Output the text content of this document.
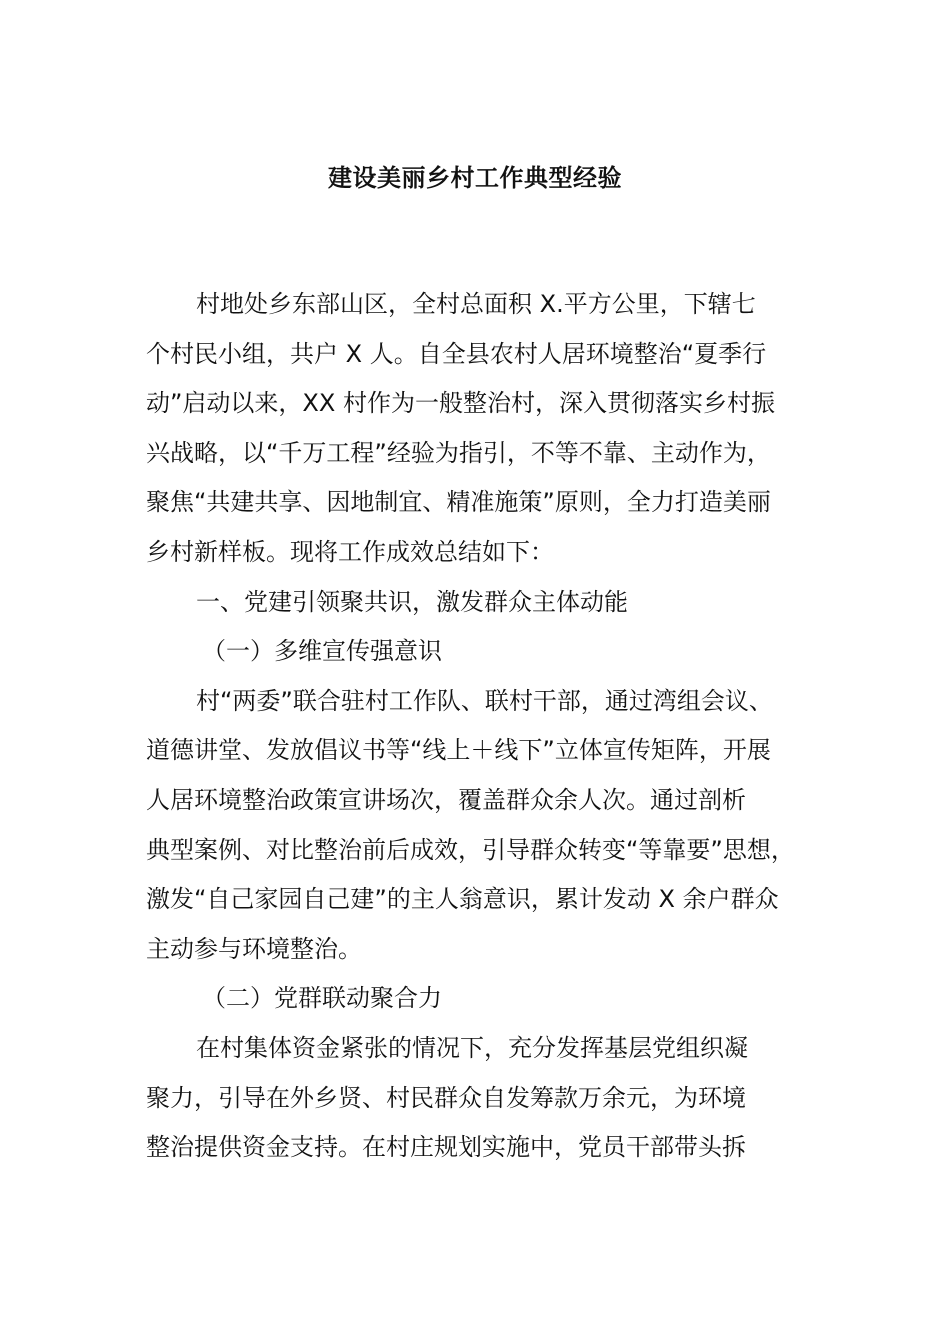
建设美丽乡村工作典型经验
村地处乡东部山区，全村总面积 X.平方公里，下辖七
个村民小组，共户 X 人。自全县农村人居环境整治“夏季行
动”启动以来，XX 村作为一般整治村，深入贯彻落实乡村振
兴战略，以“千万工程”经验为指引，不等不靠、主动作为，
聚焦“共建共享、因地制宜、精准施策”原则，全力打造美丽
乡村新样板。现将工作成效总结如下：
一、党建引领聚共识，激发群众主体动能
（一）多维宣传强意识
村“两委”联合驻村工作队、联村干部，通过湾组会议、
道德讲堂、发放倡议书等“线上＋线下”立体宣传矩阵，开展
人居环境整治政策宣讲场次，覆盖群众余人次。通过剖析
典型案例、对比整治前后成效，引导群众转变“等靠要”思想，
激发“自己家园自己建”的主人翁意识，累计发动 X 余户群众
主动参与环境整治。
（二）党群联动聚合力
在村集体资金紧张的情况下，充分发挥基层党组织凝
聚力，引导在外乡贤、村民群众自发筹款万余元，为环境
整治提供资金支持。在村庄规划实施中，党员干部带头拆
